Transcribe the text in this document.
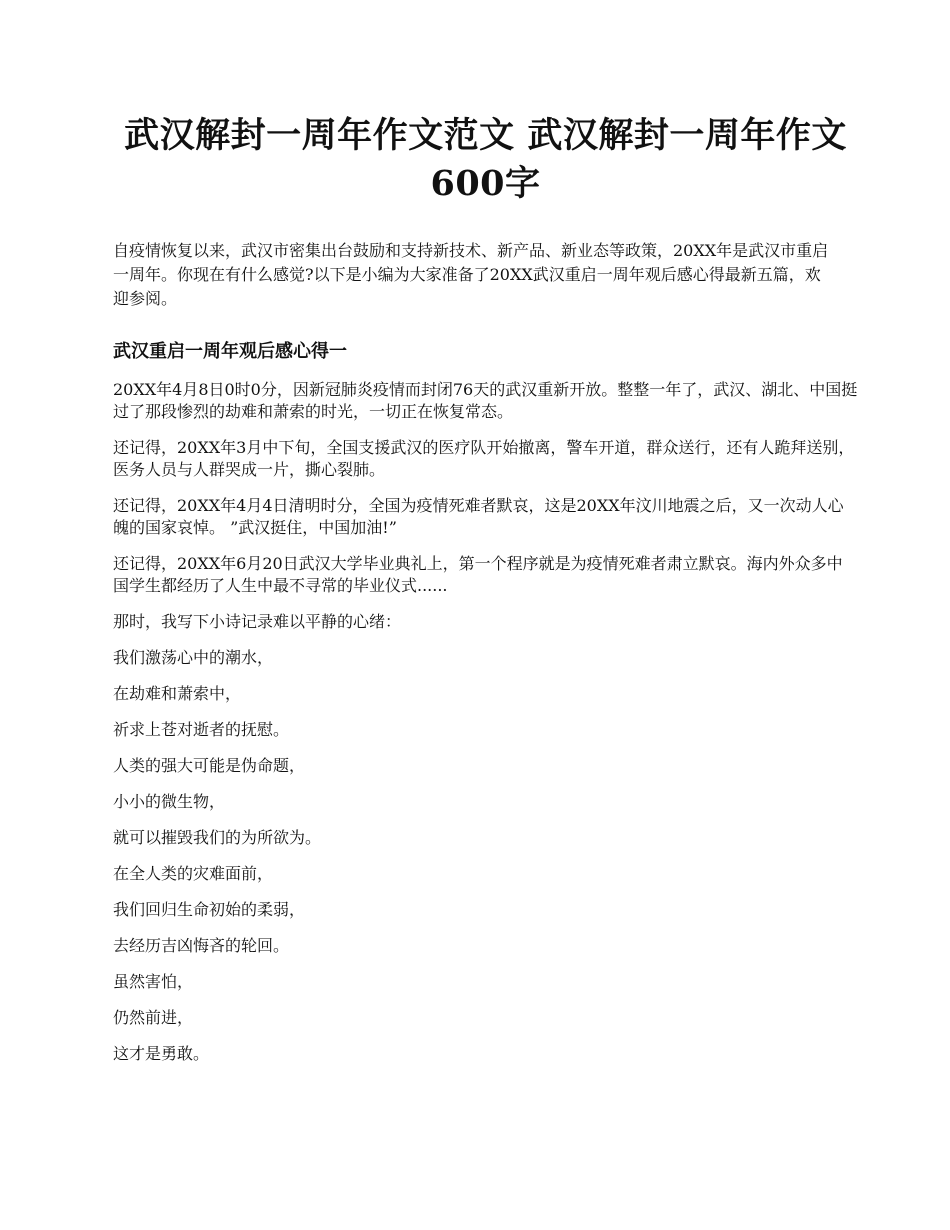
武汉解封一周年作文范文 武汉解封一周年作文600字

自疫情恢复以来，武汉市密集出台鼓励和支持新技术、新产品、新业态等政策，20XX年是武汉市重启一周年。你现在有什么感觉?以下是小编为大家准备了20XX武汉重启一周年观后感心得最新五篇，欢迎参阅。

武汉重启一周年观后感心得一

20XX年4月8日0时0分，因新冠肺炎疫情而封闭76天的武汉重新开放。整整一年了，武汉、湖北、中国挺过了那段惨烈的劫难和萧索的时光，一切正在恢复常态。

还记得，20XX年3月中下旬，全国支援武汉的医疗队开始撤离，警车开道，群众送行，还有人跪拜送别，医务人员与人群哭成一片，撕心裂肺。

还记得，20XX年4月4日清明时分，全国为疫情死难者默哀，这是20XX年汶川地震之后，又一次动人心魄的国家哀悼。 ”武汉挺住，中国加油!”

还记得，20XX年6月20日武汉大学毕业典礼上，第一个程序就是为疫情死难者肃立默哀。海内外众多中国学生都经历了人生中最不寻常的毕业仪式......

那时，我写下小诗记录难以平静的心绪：

我们激荡心中的潮水，

在劫难和萧索中，

祈求上苍对逝者的抚慰。

人类的强大可能是伪命题，

小小的微生物，

就可以摧毁我们的为所欲为。

在全人类的灾难面前，

我们回归生命初始的柔弱，

去经历吉凶悔吝的轮回。

虽然害怕，

仍然前进，

这才是勇敢。
